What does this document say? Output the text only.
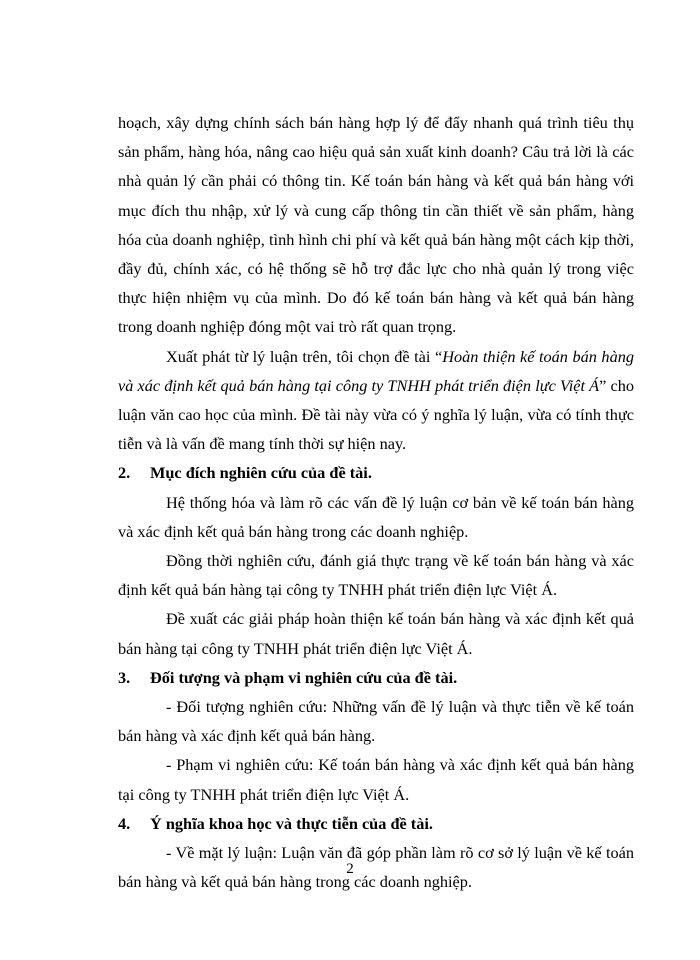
hoạch, xây dựng chính sách bán hàng hợp lý để đẩy nhanh quá trình tiêu thụ sản phẩm, hàng hóa, nâng cao hiệu quả sản xuất kinh doanh? Câu trả lời là các nhà quản lý cần phải có thông tin. Kế toán bán hàng và kết quả bán hàng với mục đích thu nhập, xử lý và cung cấp thông tin cần thiết về sản phẩm, hàng hóa của doanh nghiệp, tình hình chi phí và kết quả bán hàng một cách kịp thời, đầy đủ, chính xác, có hệ thống sẽ hỗ trợ đắc lực cho nhà quản lý trong việc thực hiện nhiệm vụ của mình. Do đó kế toán bán hàng và kết quả bán hàng trong doanh nghiệp đóng một vai trò rất quan trọng.

Xuất phát từ lý luận trên, tôi chọn đề tài “Hoàn thiện kế toán bán hàng và xác định kết quả bán hàng tại công ty TNHH phát triển điện lực Việt Á” cho luận văn cao học của mình. Đề tài này vừa có ý nghĩa lý luận, vừa có tính thực tiễn và là vấn đề mang tính thời sự hiện nay.

2. Mục đích nghiên cứu của đề tài.

Hệ thống hóa và làm rõ các vấn đề lý luận cơ bản về kế toán bán hàng và xác định kết quả bán hàng trong các doanh nghiệp.

Đồng thời nghiên cứu, đánh giá thực trạng về kế toán bán hàng và xác định kết quả bán hàng tại công ty TNHH phát triển điện lực Việt Á.

Đề xuất các giải pháp hoàn thiện kế toán bán hàng và xác định kết quả bán hàng tại công ty TNHH phát triển điện lực Việt Á.

3. Đối tượng và phạm vi nghiên cứu của đề tài.

- Đối tượng nghiên cứu: Những vấn đề lý luận và thực tiễn về kế toán bán hàng và xác định kết quả bán hàng.

- Phạm vi nghiên cứu: Kế toán bán hàng và xác định kết quả bán hàng tại công ty TNHH phát triển điện lực Việt Á.

4. Ý nghĩa khoa học và thực tiễn của đề tài.

- Về mặt lý luận: Luận văn đã góp phần làm rõ cơ sở lý luận về kế toán bán hàng và kết quả bán hàng trong các doanh nghiệp.

2
